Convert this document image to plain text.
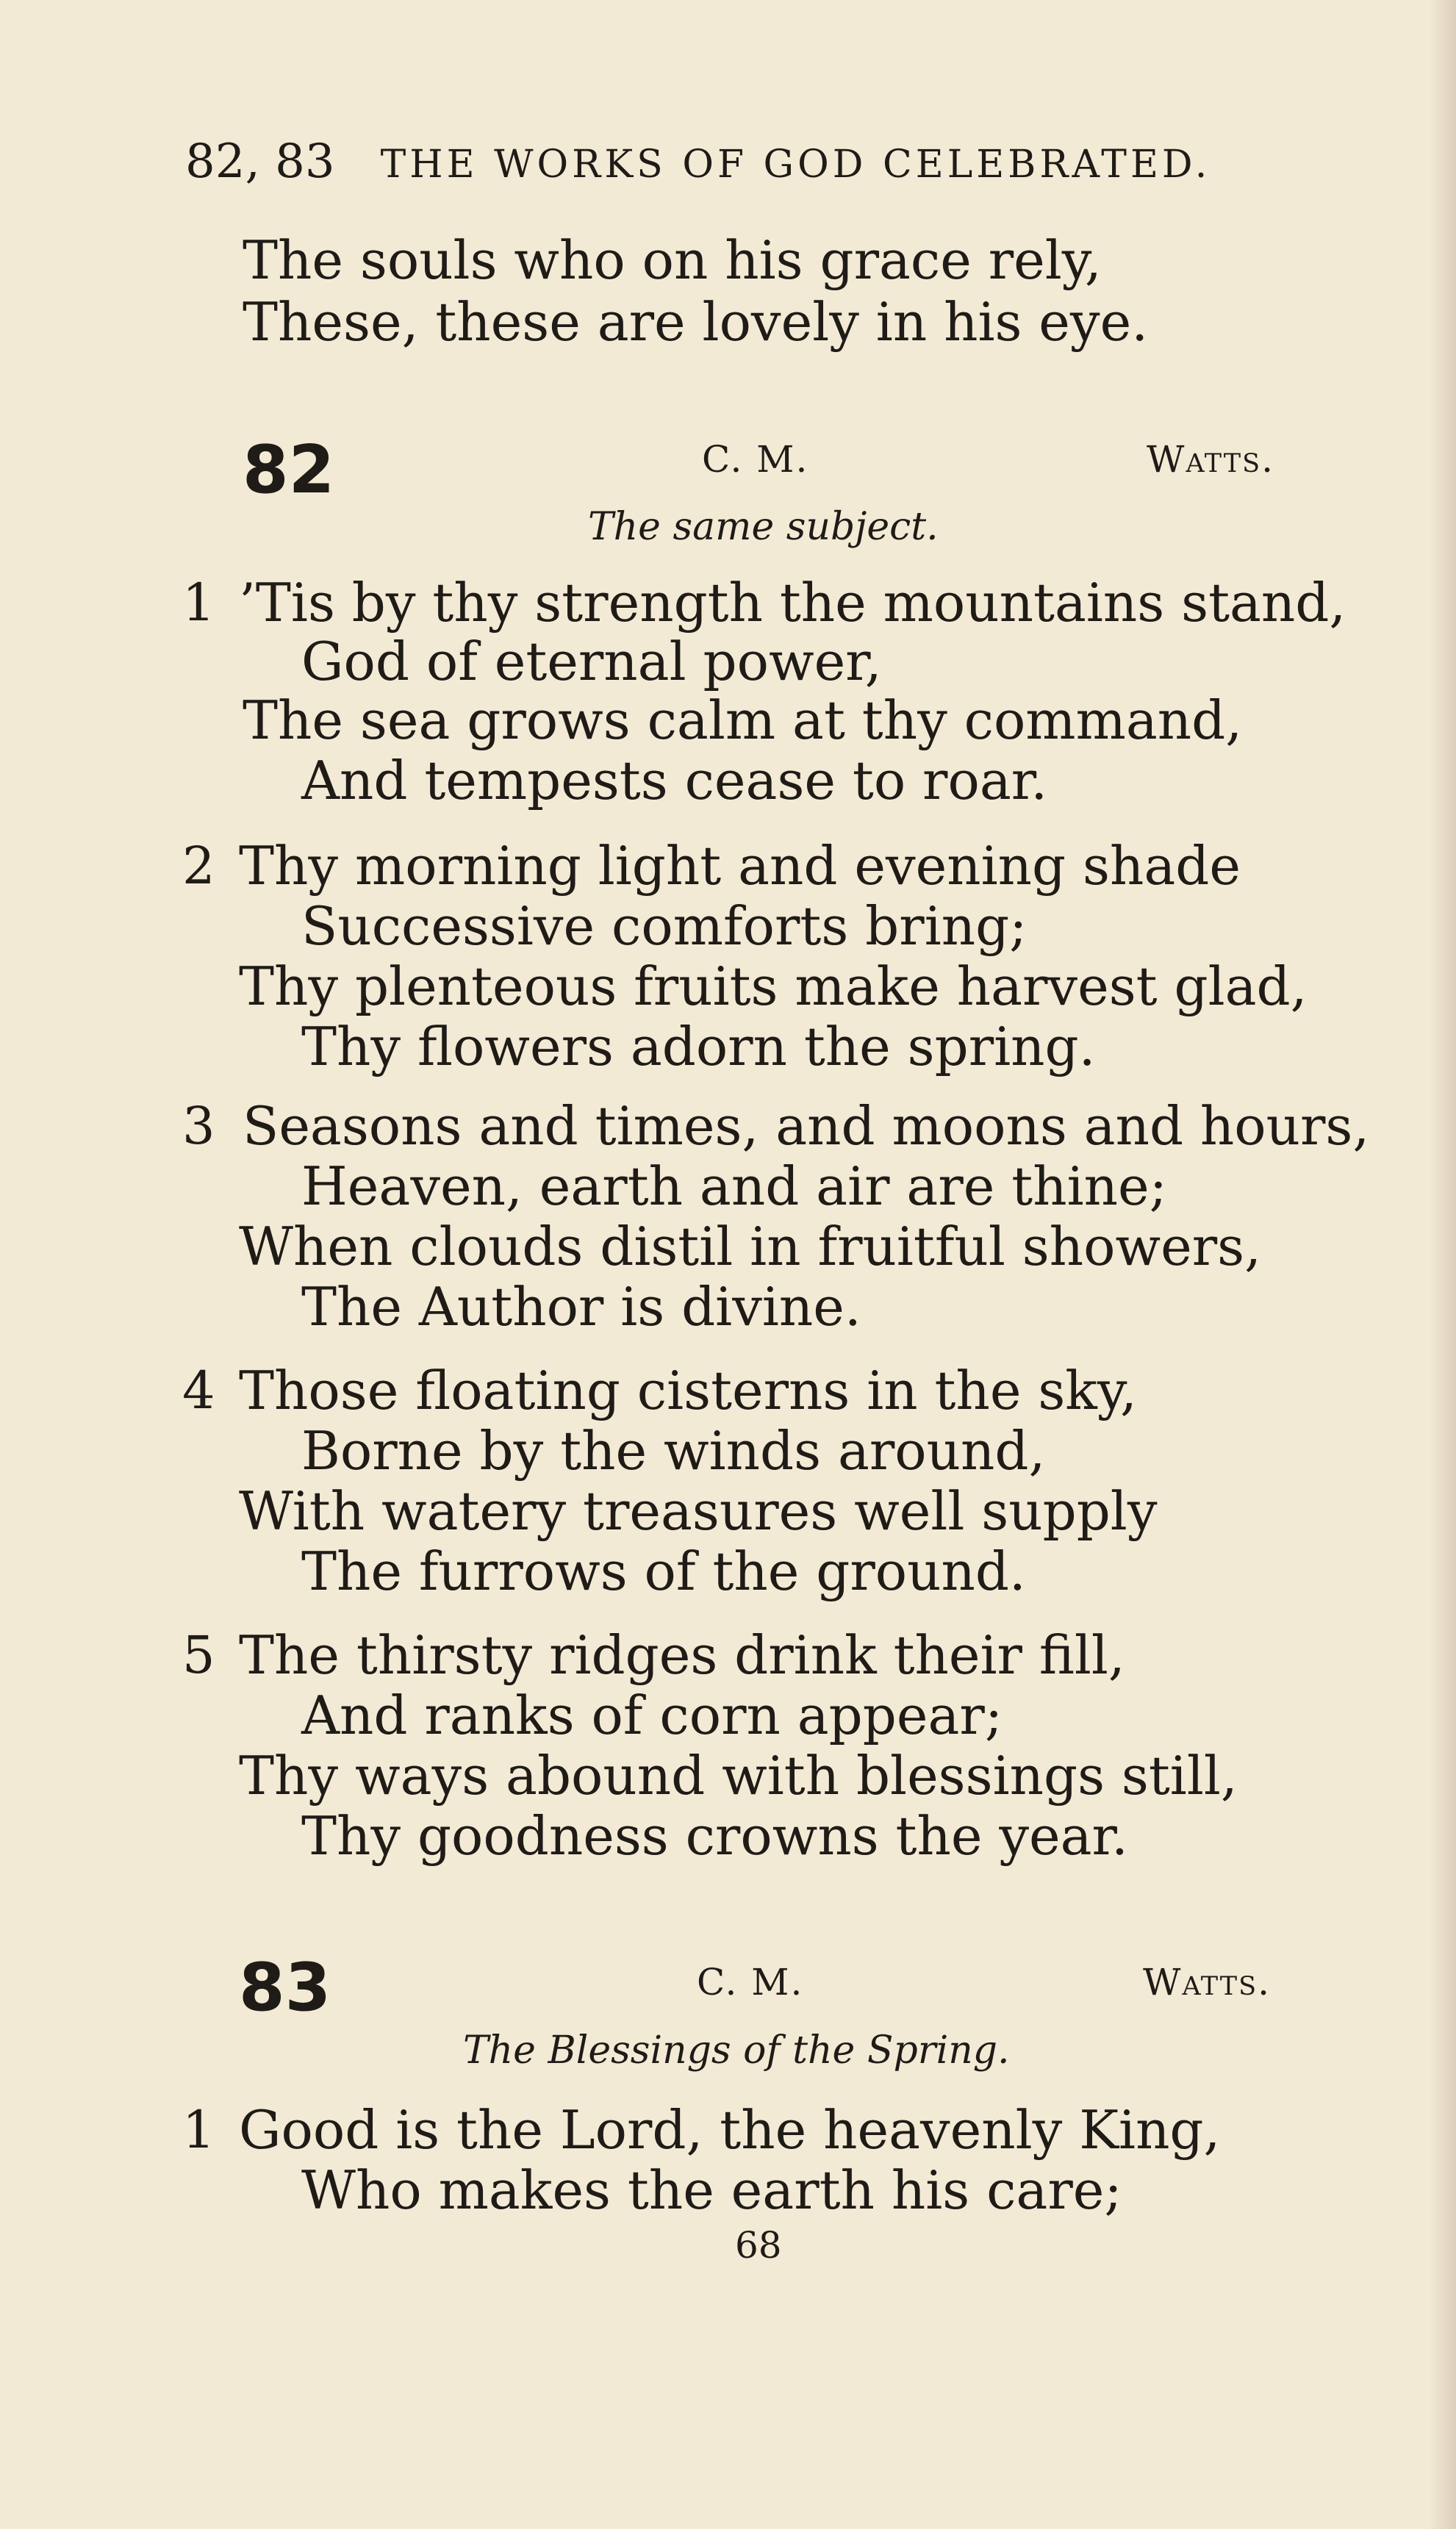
82, 83 THE WORKS OF GOD CELEBRATED.
The souls who on his grace rely,
These, these are lovely in his eye.
82	C. M.	Watts.
The same subject.
1 ’Tis by thy strength the mountains stand,
God of eternal power,
The sea grows calm at thy command,
And tempests cease to roar.
2 Thy morning light and evening shade
Successive comforts bring;
Thy plenteous fruits make harvest glad,
Thy flowers adorn the spring.
3 Seasons and times, and moons and hours,
Heaven, earth and air are thine;
When clouds distil in fruitful showers,
The Author is divine.
4 Those floating cisterns in the sky,
Borne by the winds around,
With watery treasures well supply
The furrows of the ground.
5 The thirsty ridges drink their fill,
And ranks of corn appear;
Thy ways abound with blessings still,
Thy goodness crowns the year.
83	C. M.	Watts.
The Blessings of the Spring.
1 Good is the Lord, the heavenly King,
Who makes the earth his care;
68
